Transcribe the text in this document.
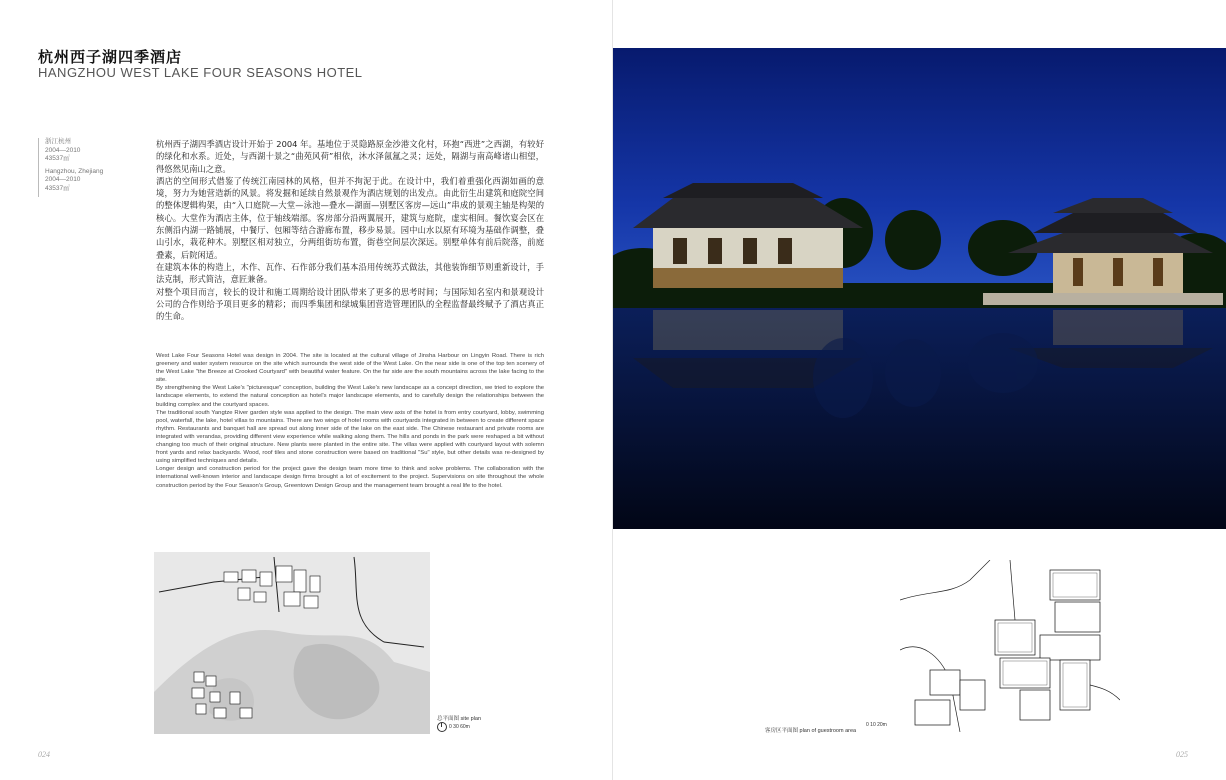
杭州西子湖四季酒店
HANGZHOU WEST LAKE FOUR SEASONS HOTEL
浙江杭州
2004—2010
43537㎡
Hangzhou, Zhejiang
2004—2010
43537㎡

杭州西子湖四季酒店设计开始于 2004 年。基地位于灵隐路原金沙港文化村，环抱“西进”之西湖，有较好的绿化和水系。近处，与西湖十景之“曲苑风荷”相依，沐水泽氤氲之灵；远处，隔湖与南高峰诸山相望，得悠然见南山之意。

酒店的空间形式借鉴了传统江南园林的风格，但并不拘泥于此。在设计中，我们着重强化西湖如画的意境，努力为她营造新的风景。将发掘和延续自然景观作为酒店规划的出发点。由此衍生出建筑和庭院空间的整体逻辑构架，由“入口庭院—大堂—泳池—叠水—湖面—别墅区客房—远山”串成的景观主轴是构架的核心。大堂作为酒店主体，位于轴线端部。客房部分沿两翼展开，建筑与庭院，虚实相间。餐饮宴会区在东侧沿内湖一路铺展，中餐厅、包厢等结合游廊布置，移步易景。园中山水以原有环境为基础作调整，叠山引水，栽花种木。别墅区相对独立，分两组街坊布置，街巷空间层次深远。别墅单体有前后院落，前庭叠素，后院闲适。

在建筑本体的构造上，木作、瓦作、石作部分我们基本沿用传统苏式做法，其他装饰细节则重新设计，手法克制，形式简洁，意匠兼备。

对整个项目而言，较长的设计和施工周期给设计团队带来了更多的思考时间；与国际知名室内和景观设计公司的合作则给予项目更多的精彩；而四季集团和绿城集团营造管理团队的全程监督最终赋予了酒店真正的生命。

West Lake Four Seasons Hotel was design in 2004. The site is located at the cultural village of Jinsha Harbour on Lingyin Road. There is rich greenery and water system resource on the site which surrounds the west side of the West Lake. On the near side is one of the top ten scenery of the West Lake "the Breeze at Crooked Courtyard" with beautiful water feature. On the far side are the south mountains across the lake facing to the site.

By strengthening the West Lake's "picturesque" conception, building the West Lake's new landscape as a concept direction, we tried to explore the landscape elements, to extend the natural conception as hotel's major landscape elements, and to carefully design the relationships between the building complex and the courtyard spaces.

The traditional south Yangtze River garden style was applied to the design. The main view axis of the hotel is from entry courtyard, lobby, swimming pool, waterfall, the lake, hotel villas to mountains. There are two wings of hotel rooms with courtyards integrated in between to create different space rhythm. Restaurants and banquet hall are spread out along inner side of the lake on the east side. The Chinese restaurant and private rooms are integrated with verandas, providing different view experience while walking along them. The hills and ponds in the park were reshaped a bit without changing too much of their original structure. New plants were planted in the entire site. The villas were applied with courtyard layout with solemn front yards and relax backyards. Wood, roof tiles and stone construction were based on traditional "Su" style, but other details was re-designed by using simplified techniques and details.

Longer design and construction period for the project gave the design team more time to think and solve problems. The collaboration with the international well-known interior and landscape design firms brought a lot of excitement to the project. Supervisions on site throughout the whole construction period by the Four Season's Group, Greentown Design Group and the management team brought a real life to the hotel.

总平面图 site plan
0 30 60m
客房区平面图 plan of guestroom area
0 10 20m
024	025
